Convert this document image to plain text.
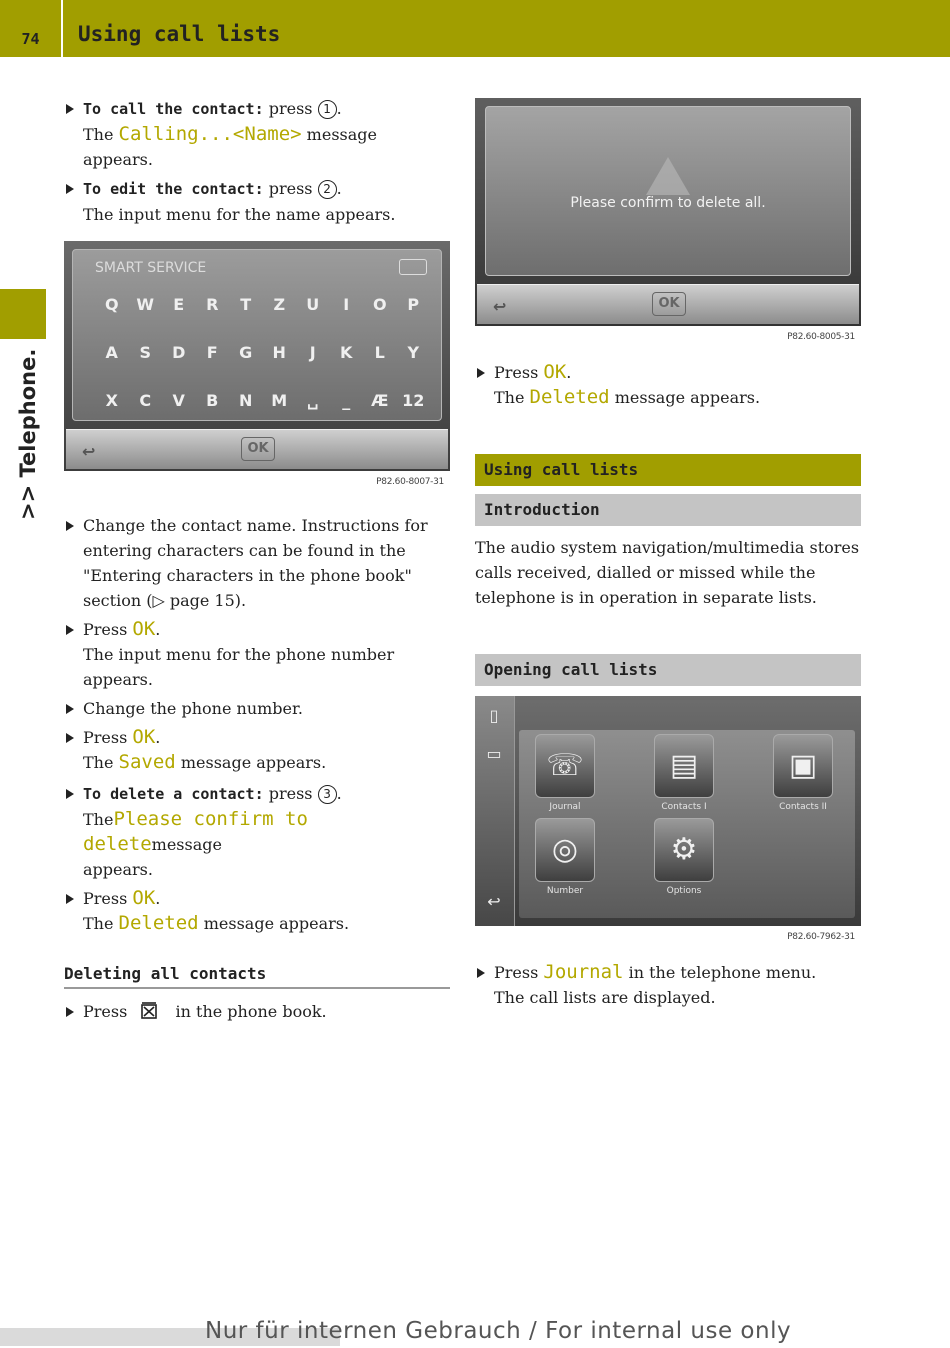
74	Using call lists
>> Telephone.
To call the contact: press 1 .
The Calling...<Name> message
appears.
To edit the contact: press 2 .
The input menu for the name appears.
SMART SERVICE
Q	W	E	R	T	Z	U	I	O	P
A	S	D	F	G	H	J	K	L	Y
X	C	V	B	N	M	␣	_	Æ 12
↩	OK
P82.60-8007-31
Change the contact name. Instructions for entering characters can be found in the "Entering characters in the phone book" section (▷ page 15).
Press OK.
The input menu for the phone number appears.
Change the phone number.
Press OK.
The Saved message appears.
To delete a contact: press 3 .
ThePlease confirm to deletemessage
appears.
Press OK.
The Deleted message appears.
Deleting all contacts
Press	in the phone book.
Please confirm to delete all.
↩	OK
P82.60-8005-31
Press OK.
The Deleted message appears.
Using call lists
Introduction
The audio system navigation/multimedia stores calls received, dialled or missed while the telephone is in operation in separate lists.
Opening call lists
▯
▭
↩
☏
Journal
▤
Contacts I
▣
Contacts II
◎
Number
⚙
Options
P82.60-7962-31
Press Journal in the telephone menu.
The call lists are displayed.
Nur für internen Gebrauch / For internal use only
